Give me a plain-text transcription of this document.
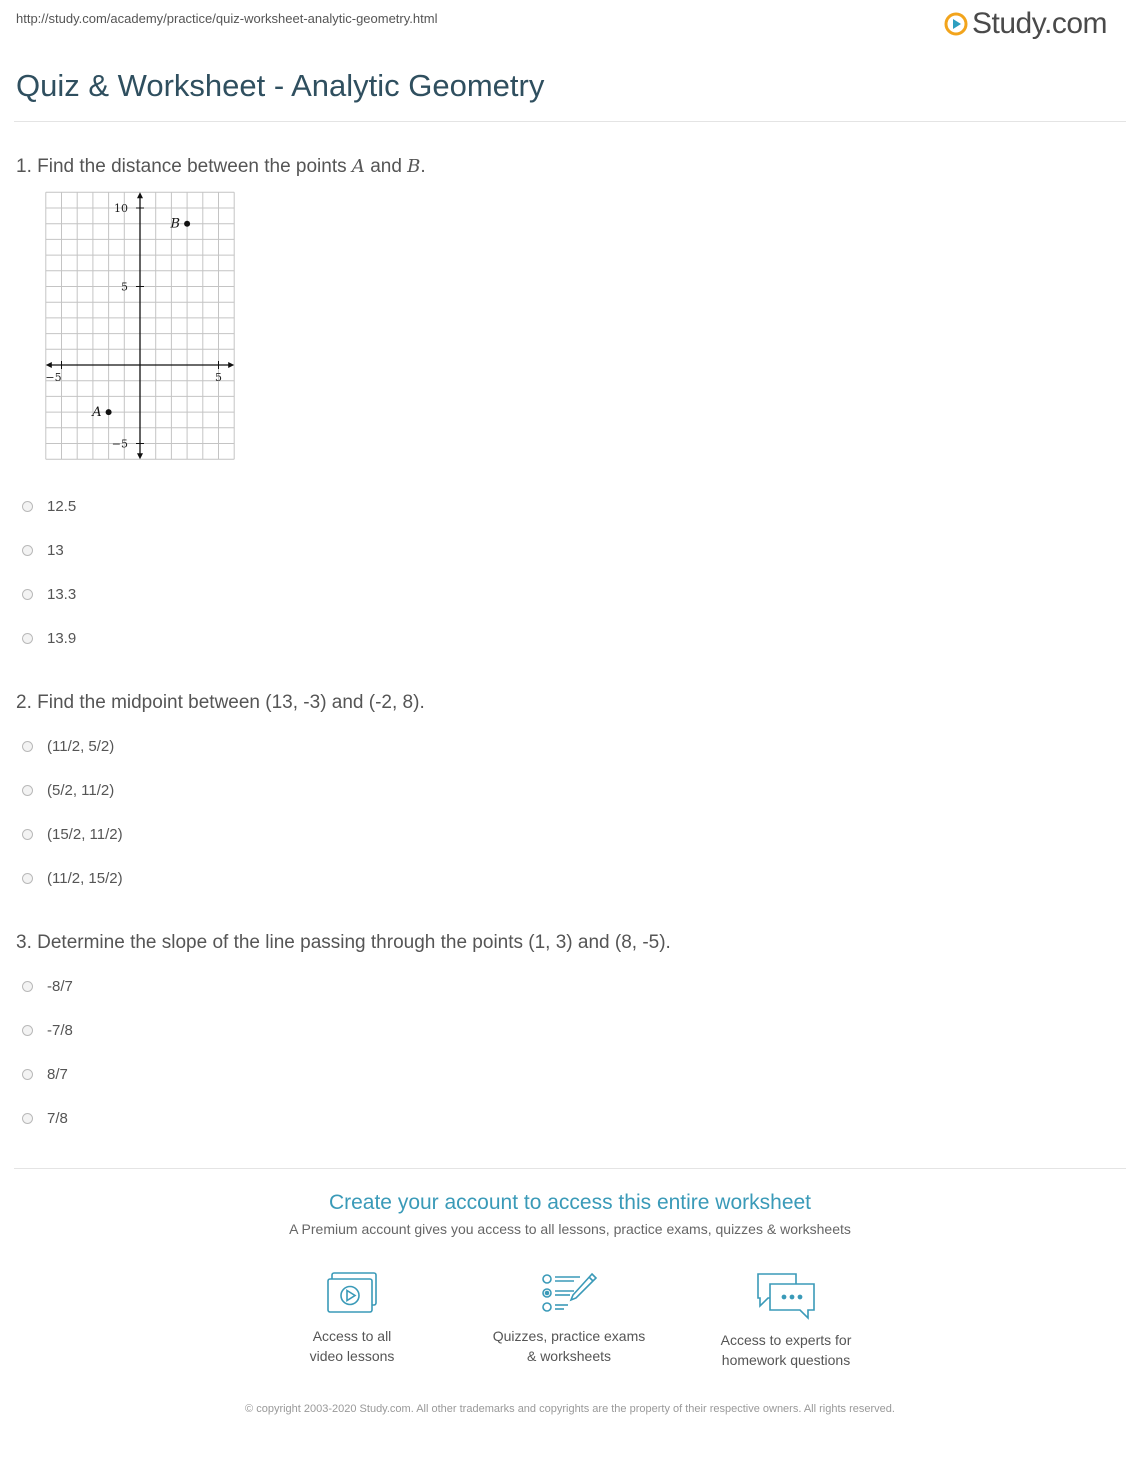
http://study.com/academy/practice/quiz-worksheet-analytic-geometry.html	Study.com
Quiz & Worksheet - Analytic Geometry
1. Find the distance between the points A and B.
−5	5
10
5
−5
A
B
12.5
13
13.3
13.9
2. Find the midpoint between (13, -3) and (-2, 8).
(11/2, 5/2)
(5/2, 11/2)
(15/2, 11/2)
(11/2, 15/2)
3. Determine the slope of the line passing through the points (1, 3) and (8, -5).
-8/7
-7/8
8/7
7/8
Create your account to access this entire worksheet
A Premium account gives you access to all lessons, practice exams, quizzes & worksheets
Access to all
video lessons
Quizzes, practice exams
& worksheets
Access to experts for
homework questions
© copyright 2003-2020 Study.com. All other trademarks and copyrights are the property of their respective owners. All rights reserved.
